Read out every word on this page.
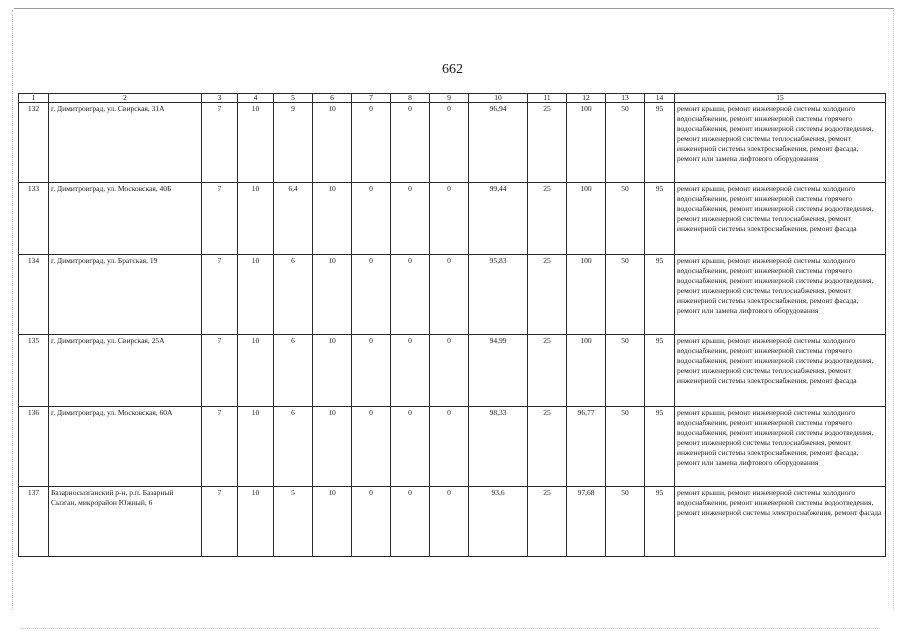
662
1	2	3	4	5	6	7	8	9	10	11	12	13	14	15
132	г. Димитровград, ул. Свирская, 31А	7	10	9	10	0	0	0	96,94	25	100	50	95	ремонт крыши, ремонт инженерной системы холодного водоснабжения, ремонт инженерной системы горячего водоснабжения, ремонт инженерной системы водоотведения, ремонт инженерной системы теплоснабжения, ремонт инженерной системы электроснабжения, ремонт фасада, ремонт или замена лифтового оборудования
133	г. Димитровград, ул. Московская, 40Б	7	10	6,4	10	0	0	0	99,44	25	100	50	95	ремонт крыши, ремонт инженерной системы холодного водоснабжения, ремонт инженерной системы горячего водоснабжения, ремонт инженерной системы водоотведения, ремонт инженерной системы теплоснабжения, ремонт инженерной системы электроснабжения, ремонт фасада
134	г. Димитровград, ул. Братская, 19	7	10	6	10	0	0	0	95,83	25	100	50	95	ремонт крыши, ремонт инженерной системы холодного водоснабжения, ремонт инженерной системы горячего водоснабжения, ремонт инженерной системы водоотведения, ремонт инженерной системы теплоснабжения, ремонт инженерной системы электроснабжения, ремонт фасада, ремонт или замена лифтового оборудования
135	г. Димитровград, ул. Свирская, 25А	7	10	6	10	0	0	0	94,99	25	100	50	95	ремонт крыши, ремонт инженерной системы холодного водоснабжения, ремонт инженерной системы горячего водоснабжения, ремонт инженерной системы водоотведения, ремонт инженерной системы теплоснабжения, ремонт инженерной системы электроснабжения, ремонт фасада
136	г. Димитровград, ул. Московская, 60А	7	10	6	10	0	0	0	98,33	25	96,77	50	95	ремонт крыши, ремонт инженерной системы холодного водоснабжения, ремонт инженерной системы горячего водоснабжения, ремонт инженерной системы водоотведения, ремонт инженерной системы теплоснабжения, ремонт инженерной системы электроснабжения, ремонт фасада, ремонт или замена лифтового оборудования
137	Базарносызганский р-н, р.п. Базарный Сызган, микрорайон Южный, 6	7	10	5	10	0	0	0	93,6	25	97,68	50	95	ремонт крыши, ремонт инженерной системы холодного водоснабжения, ремонт инженерной системы водоотведения, ремонт инженерной системы электроснабжения, ремонт фасада
